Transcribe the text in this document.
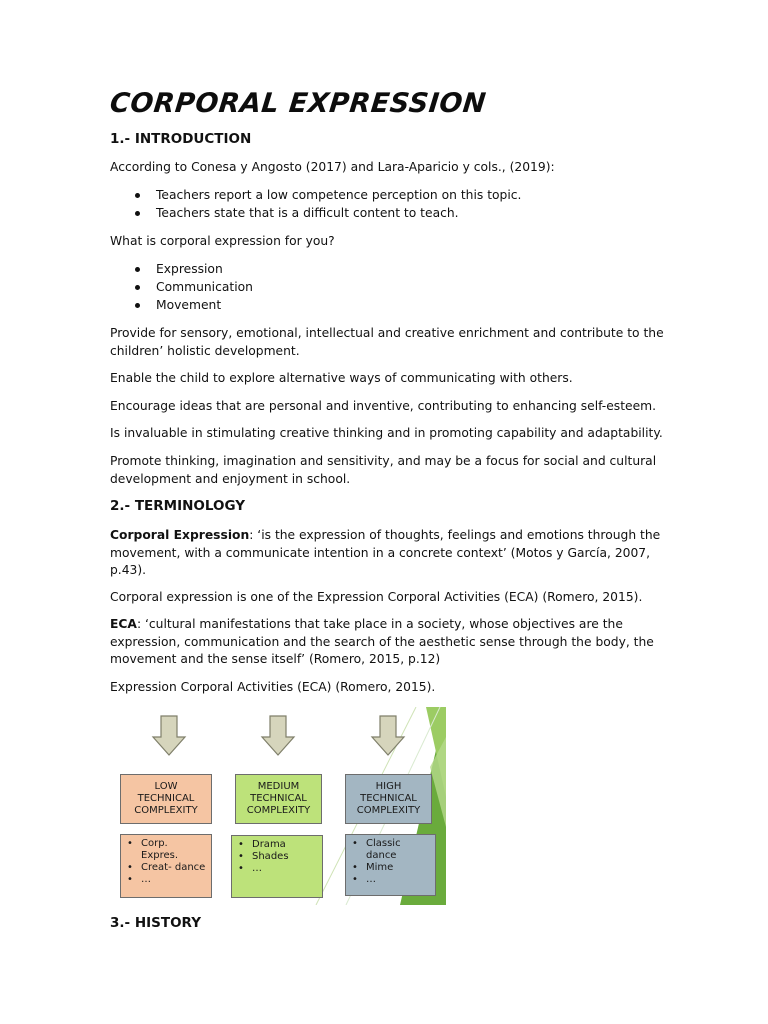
CORPORAL EXPRESSION
1.- INTRODUCTION

According to Conesa y Angosto (2017) and Lara-Aparicio y cols., (2019):

Teachers report a low competence perception on this topic.
Teachers state that is a difficult content to teach.

What is corporal expression for you?

Expression
Communication
Movement

Provide for sensory, emotional, intellectual and creative enrichment and contribute to the children’ holistic development.

Enable the child to explore alternative ways of communicating with others.

Encourage ideas that are personal and inventive, contributing to enhancing self-esteem.

Is invaluable in stimulating creative thinking and in promoting capability and adaptability.

Promote thinking, imagination and sensitivity, and may be a focus for social and cultural development and enjoyment in school.

2.- TERMINOLOGY

Corporal Expression: ‘is the expression of thoughts, feelings and emotions through the movement, with a communicate intention in a concrete context’ (Motos y García, 2007, p.43).

Corporal expression is one of the Expression Corporal Activities (ECA) (Romero, 2015).

ECA: ‘cultural manifestations that take place in a society, whose objectives are the expression, communication and the search of the aesthetic sense through the body, the movement and the sense itself’ (Romero, 2015, p.12)

Expression Corporal Activities (ECA) (Romero, 2015).

LOW
TECHNICAL
COMPLEXITY
MEDIUM
TECHNICAL
COMPLEXITY
HIGH
TECHNICAL
COMPLEXITY
• Corp. Expres.
• Creat- dance
• …
• Drama
• Shades
• …
• Classic dance
• Mime
• …
3.- HISTORY
